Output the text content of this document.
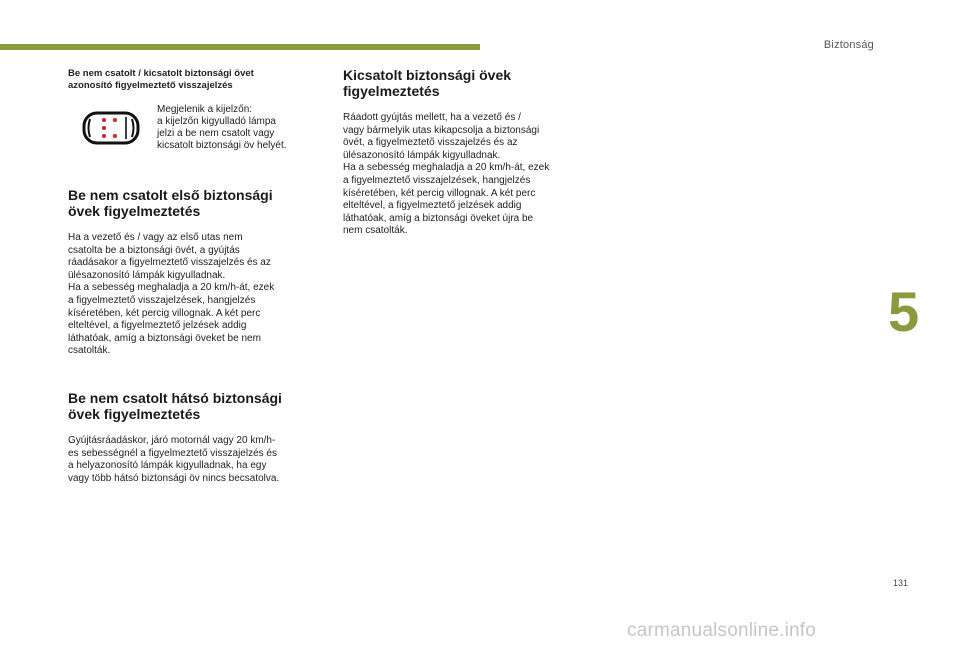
Biztonság

Be nem csatolt / kicsatolt biztonsági övet
azonosító figyelmeztető visszajelzés

Megjelenik a kijelzőn:
a kijelzőn kigyulladó lámpa
jelzi a be nem csatolt vagy
kicsatolt biztonsági öv helyét.

Be nem csatolt első biztonsági
övek figyelmeztetés

Ha a vezető és / vagy az első utas nem
csatolta be a biztonsági övét, a gyújtás
ráadásakor a figyelmeztető visszajelzés és az
ülésazonosító lámpák kigyulladnak.
Ha a sebesség meghaladja a 20 km/h-át, ezek
a figyelmeztető visszajelzések, hangjelzés
kíséretében, két percig villognak. A két perc
elteltével, a figyelmeztető jelzések addig
láthatóak, amíg a biztonsági öveket be nem
csatolták.

Be nem csatolt hátsó biztonsági
övek figyelmeztetés

Gyújtásráadáskor, járó motornál vagy 20 km/h-
es sebességnél a figyelmeztető visszajelzés és
a helyazonosító lámpák kigyulladnak, ha egy
vagy több hátsó biztonsági öv nincs becsatolva.

Kicsatolt biztonsági övek
figyelmeztetés

Ráadott gyújtás mellett, ha a vezető és /
vagy bármelyik utas kikapcsolja a biztonsági
övét, a figyelmeztető visszajelzés és az
ülésazonosító lámpák kigyulladnak.
Ha a sebesség meghaladja a 20 km/h-át, ezek
a figyelmeztető visszajelzések, hangjelzés
kíséretében, két percig villognak. A két perc
elteltével, a figyelmeztető jelzések addig
láthatóak, amíg a biztonsági öveket újra be
nem csatolták.

5
131
carmanualsonline.info
